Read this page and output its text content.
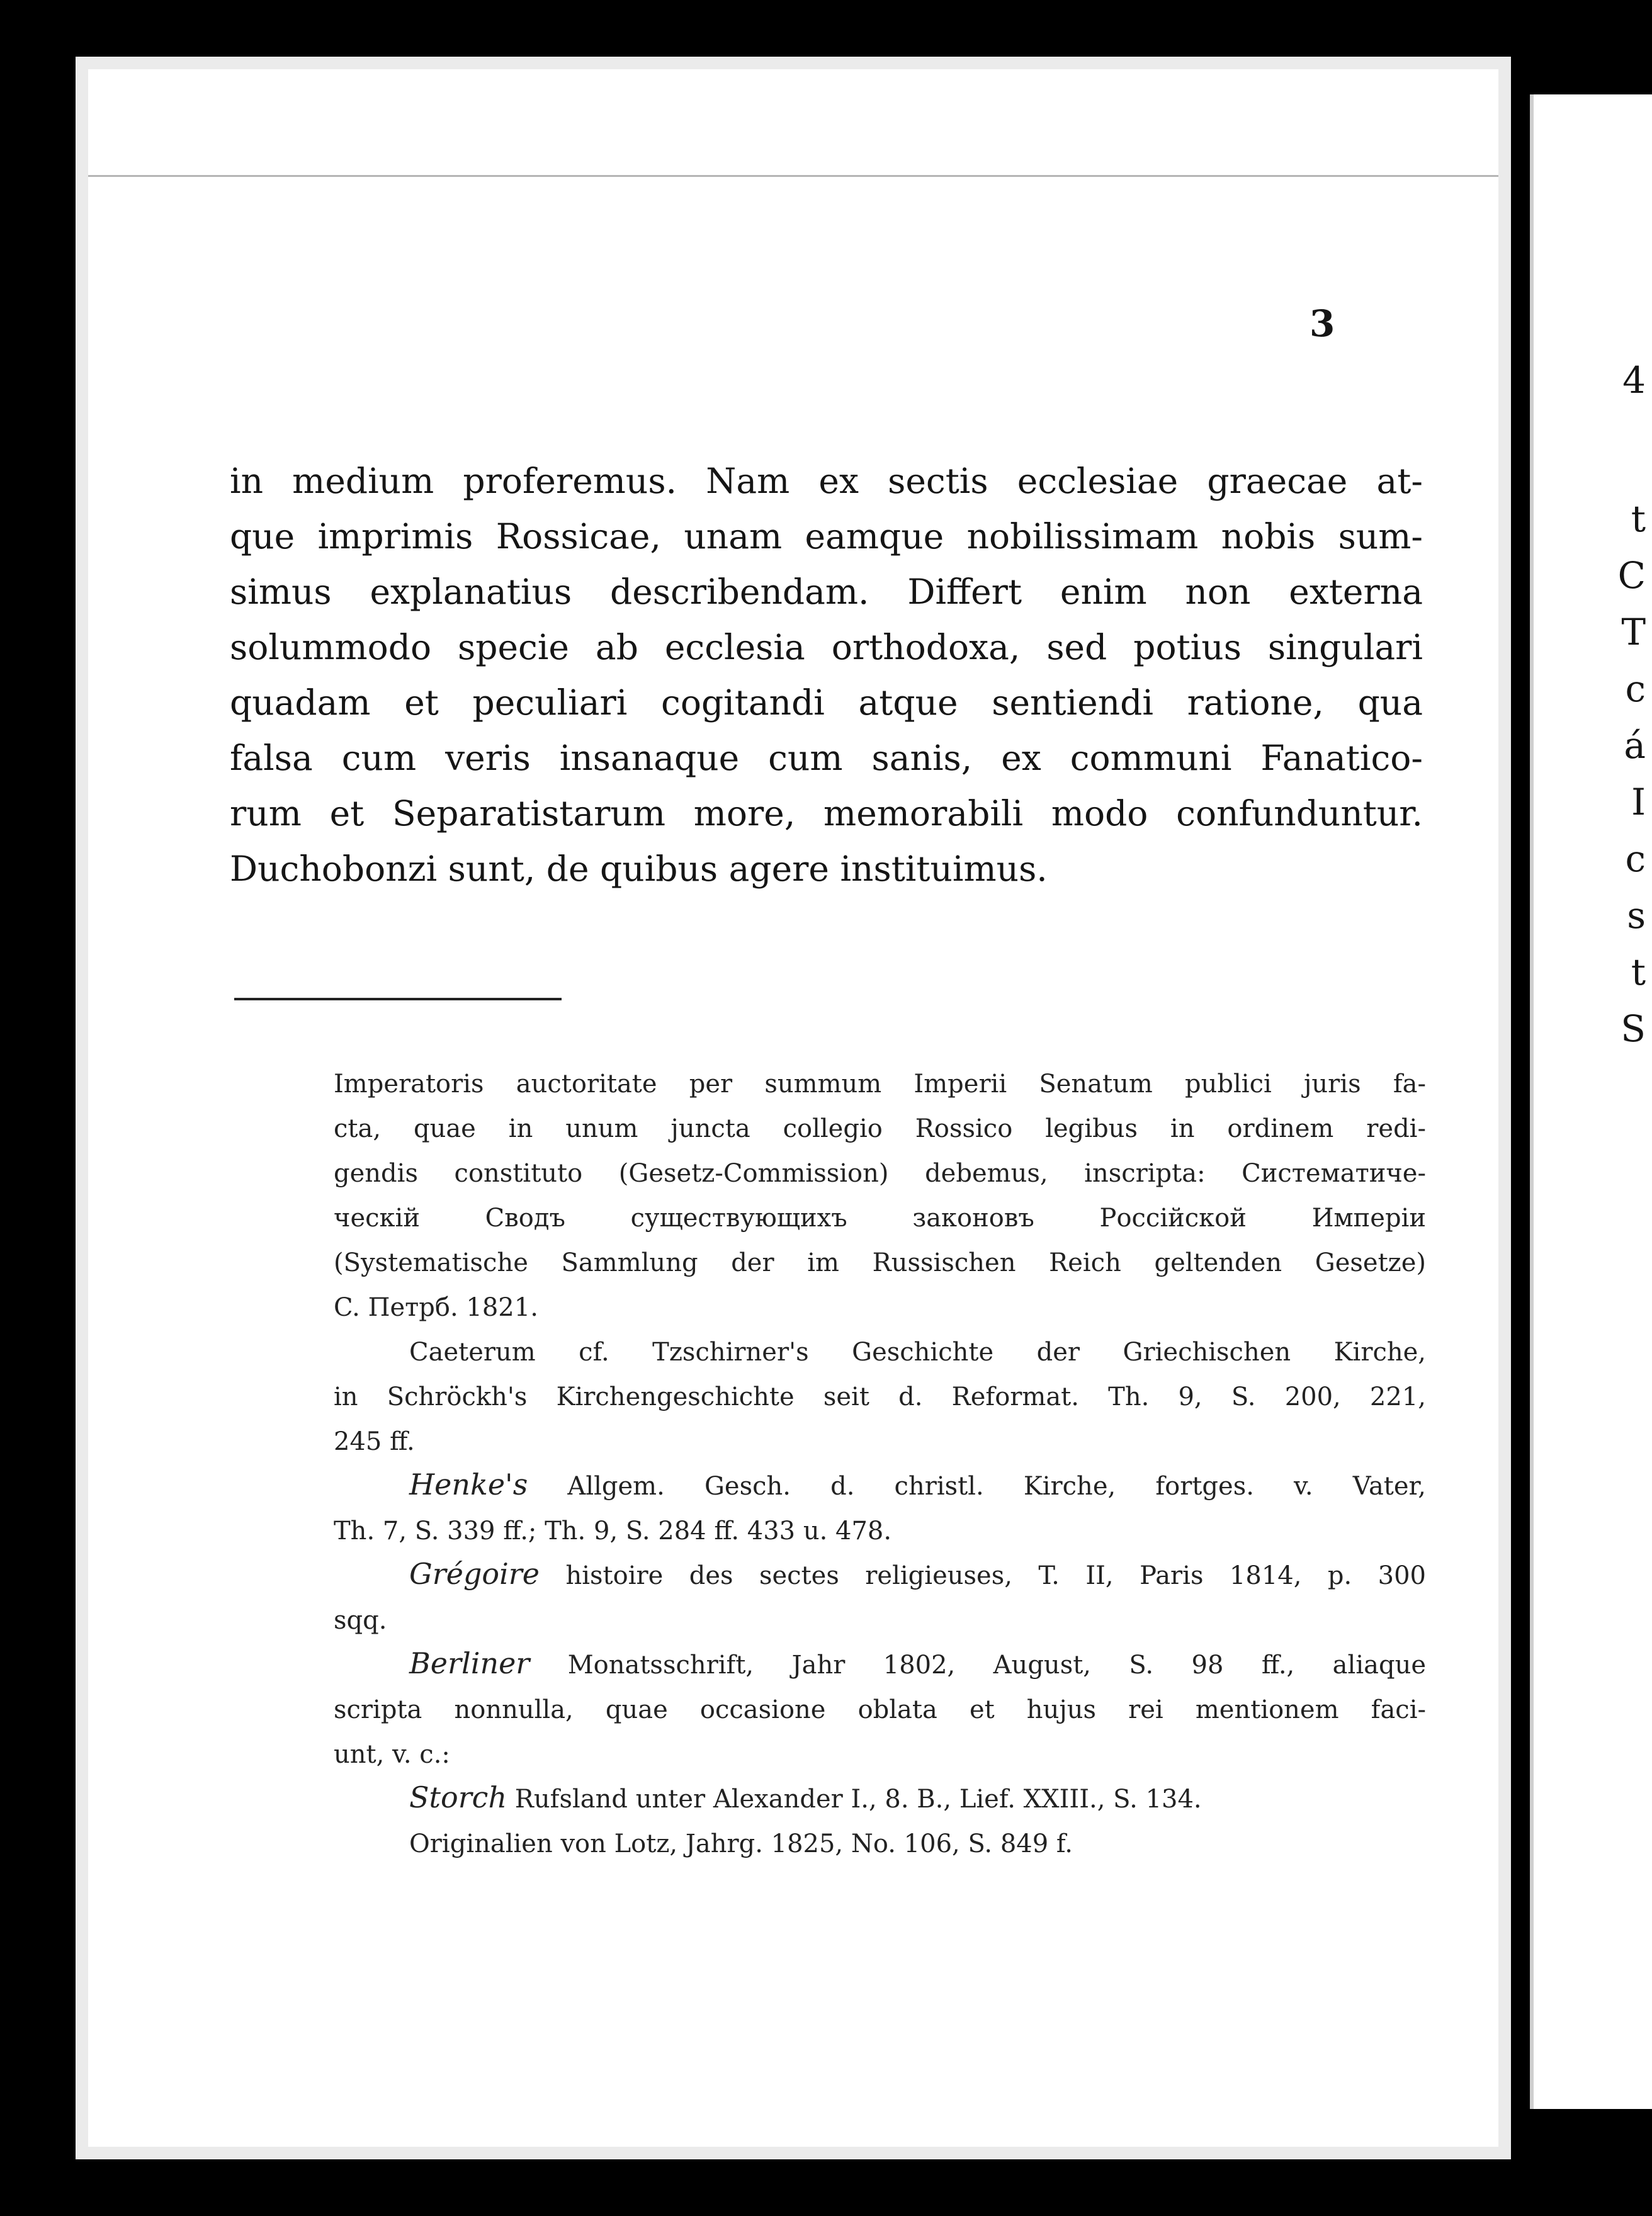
3
in medium proferemus. Nam ex sectis ecclesiae graecae at-
que imprimis Rossicae, unam eamque nobilissimam nobis sum-
simus explanatius describendam. Differt enim non externa
solummodo specie ab ecclesia orthodoxa, sed potius singulari
quadam et peculiari cogitandi atque sentiendi ratione, qua
falsa cum veris insanaque cum sanis, ex communi Fanatico-
rum et Separatistarum more, memorabili modo confunduntur.
Duchobonzi sunt, de quibus agere instituimus.
Imperatoris auctoritate per summum Imperii Senatum publici juris fa-
cta, quae in unum juncta collegio Rossico legibus in ordinem redi-
gendis constituto (Gesetz-Commission) debemus, inscripta: Систематиче-
ческій Сводъ существующихъ законовъ Россійской Имперіи
(Systematische Sammlung der im Russischen Reich geltenden Gesetze)
C. Петрб. 1821.
Caeterum cf. Tzschirner's Geschichte der Griechischen Kirche,
in Schröckh's Kirchengeschichte seit d. Reformat. Th. 9, S. 200, 221,
245 ff.
Henke's Allgem. Gesch. d. christl. Kirche, fortges. v. Vater,
Th. 7, S. 339 ff.; Th. 9, S. 284 ff. 433 u. 478.
Grégoire histoire des sectes religieuses, T. II, Paris 1814, p. 300
sqq.
Berliner Monatsschrift, Jahr 1802, August, S. 98 ff., aliaque
scripta nonnulla, quae occasione oblata et hujus rei mentionem faci-
unt, v. c.:
Storch Rufsland unter Alexander I., 8. B., Lief. XXIII., S. 134.
Originalien von Lotz, Jahrg. 1825, No. 106, S. 849 f.
4
t
C
T
c
á
I
c
s
t
S
